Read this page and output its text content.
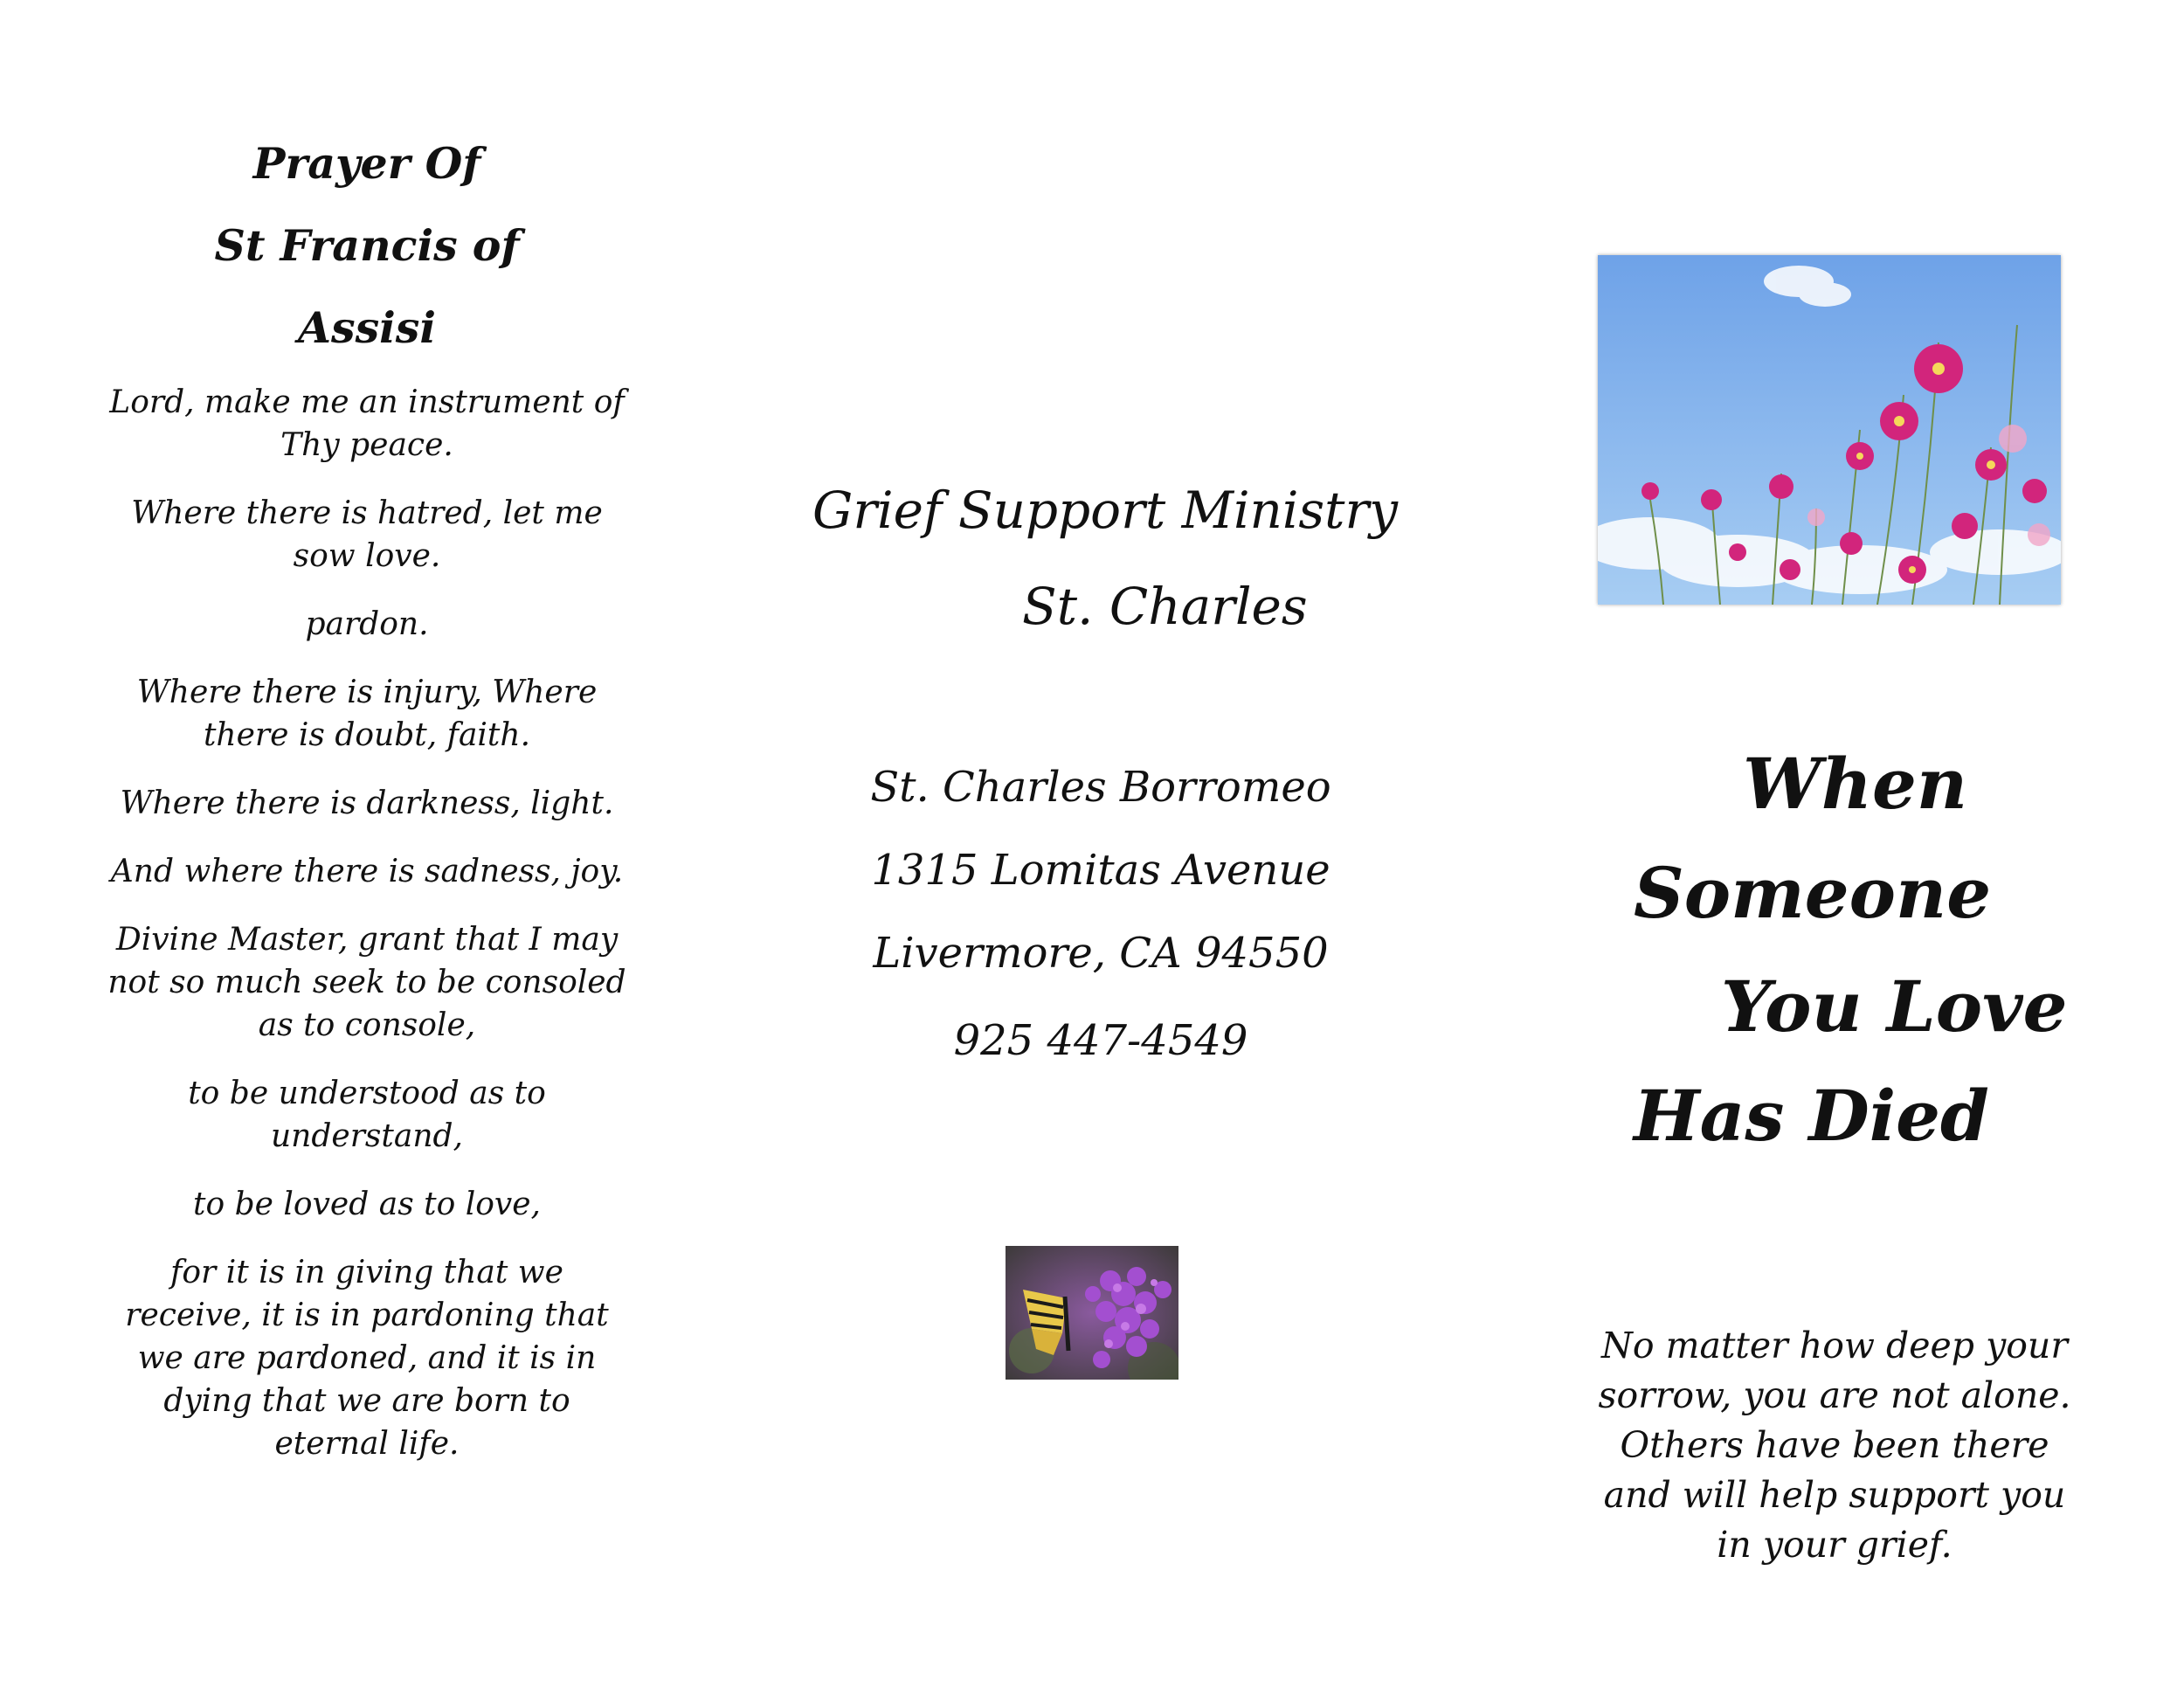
Prayer Of

St Francis of

Assisi

Lord, make me an instrument of Thy peace.

Where there is hatred, let me sow love.

pardon.

Where there is injury, Where there is doubt, faith.

Where there is darkness, light.

And where there is sadness, joy.

Divine Master, grant that I may not so much seek to be consoled as to console,

to be understood as to understand,

to be loved as to love,

for it is in giving that we receive, it is in pardoning that we are pardoned, and it is in dying that we are born to eternal life.

Grief Support Ministry

St. Charles

St. Charles Borromeo

1315 Lomitas Avenue

Livermore, CA 94550

925 447-4549

When

Someone

You Love

Has Died

No matter how deep your sorrow, you are not alone.

Others have been there and will help support you in your grief.
